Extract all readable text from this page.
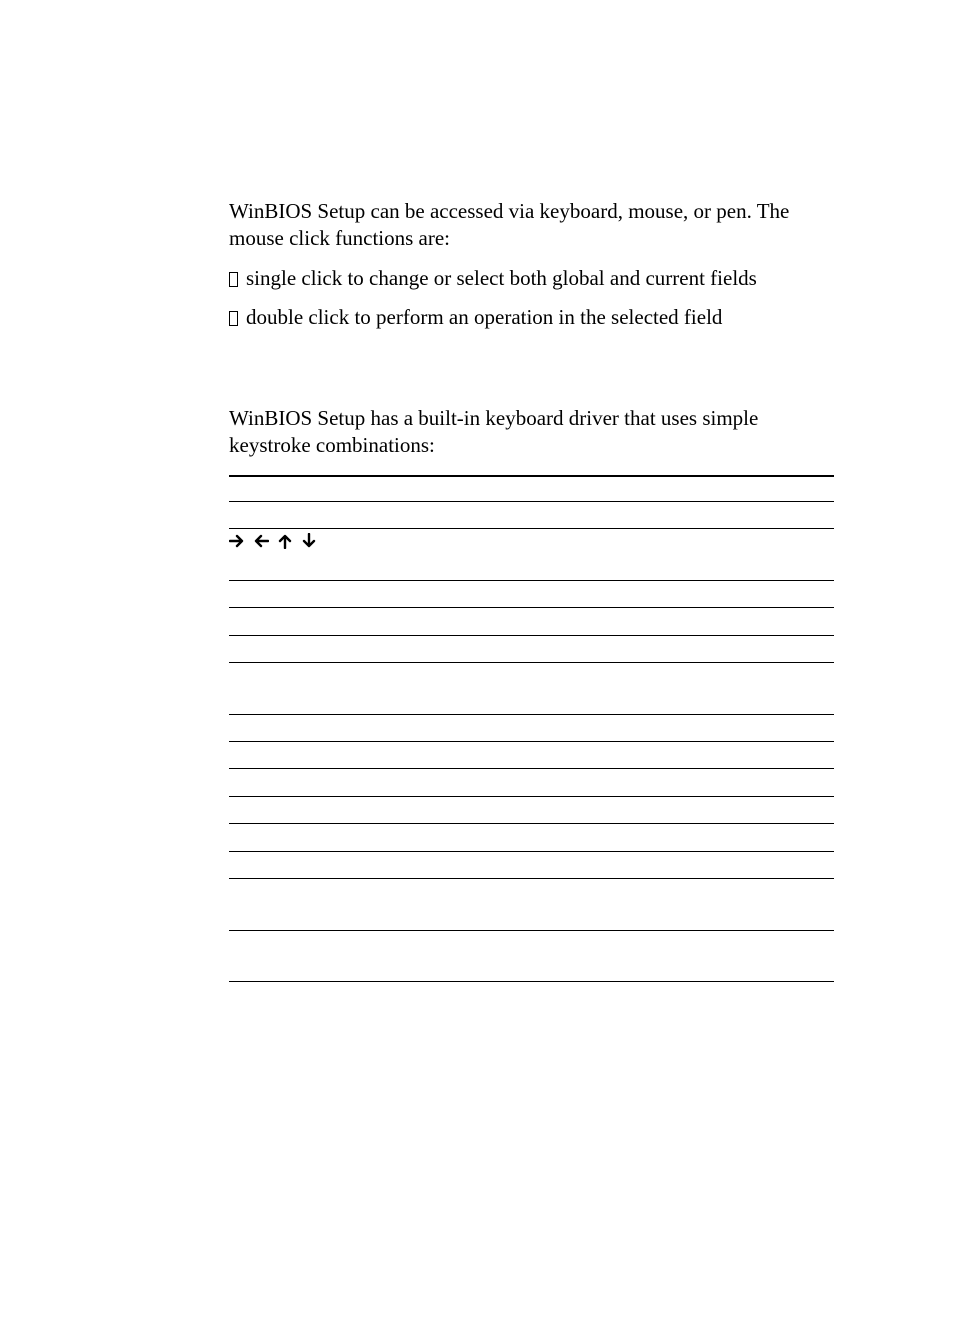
WinBIOS Setup can be accessed via keyboard, mouse, or pen. The mouse click functions are:

single click to change or select both global and current fields
double click to perform an operation in the selected field

WinBIOS Setup has a built-in keyboard driver that uses simple keystroke combinations:
